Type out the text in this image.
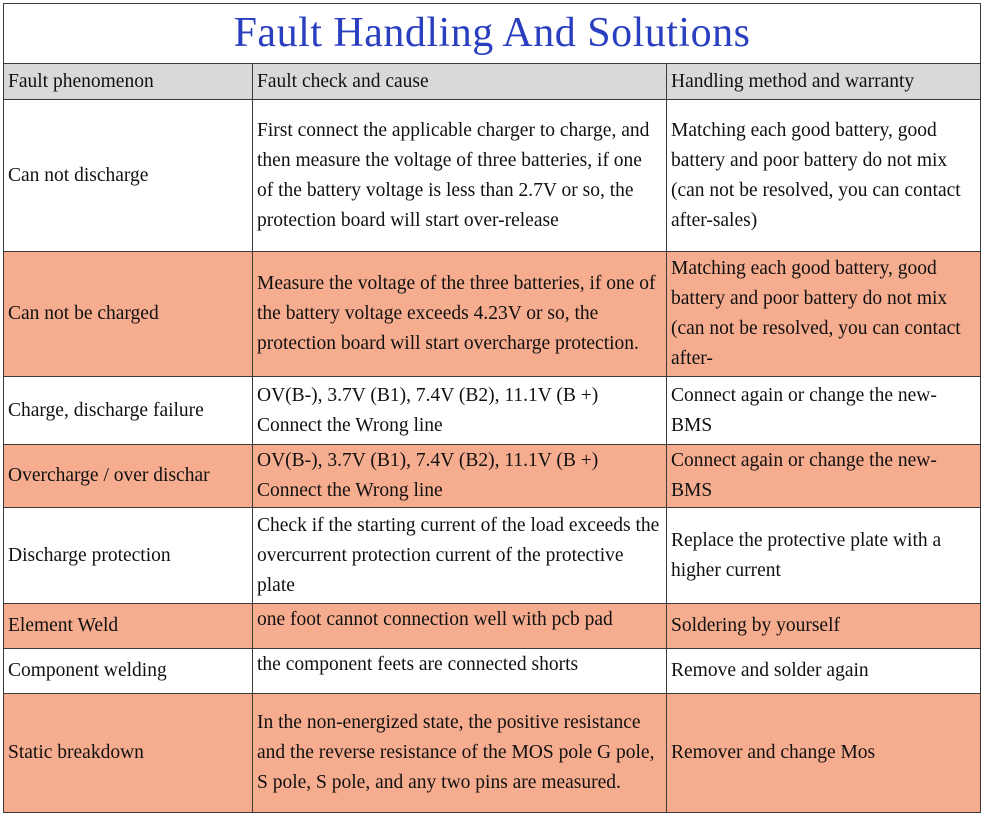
Fault Handling And Solutions		
Fault phenomenon	Fault check and cause	Handling method and warranty
Can not discharge	First connect the applicable charger to charge, and then measure the voltage of three batteries, if one of the battery voltage is less than 2.7V or so, the protection board will start over-release	Matching each good battery, good battery and poor battery do not mix (can not be resolved, you can contact after-sales)

Can not be charged	Measure the voltage of the three batteries, if one of the battery voltage exceeds 4.23V or so, the protection board will start overcharge protection.	Matching each good battery, good battery and poor battery do not mix (can not be resolved, you can contact after-

Charge, discharge failure	OV(B-), 3.7V (B1), 7.4V (B2), 11.1V (B +) Connect the Wrong line	Connect again or change the new-BMS

Overcharge / over dischar	OV(B-), 3.7V (B1), 7.4V (B2), 11.1V (B +) Connect the Wrong line	Connect again or change the new-BMS

Discharge protection	Check if the starting current of the load exceeds the overcurrent protection current of the protective plate	Replace the protective plate with a higher current

Element Weld	one foot cannot connection well with pcb pad	Soldering by yourself

Component welding	the component feets are connected shorts	Remove and solder again

Static breakdown	In the non-energized state, the positive resistance and the reverse resistance of the MOS pole G pole, S pole, S pole, and any two pins are measured.	Remover and change Mos
